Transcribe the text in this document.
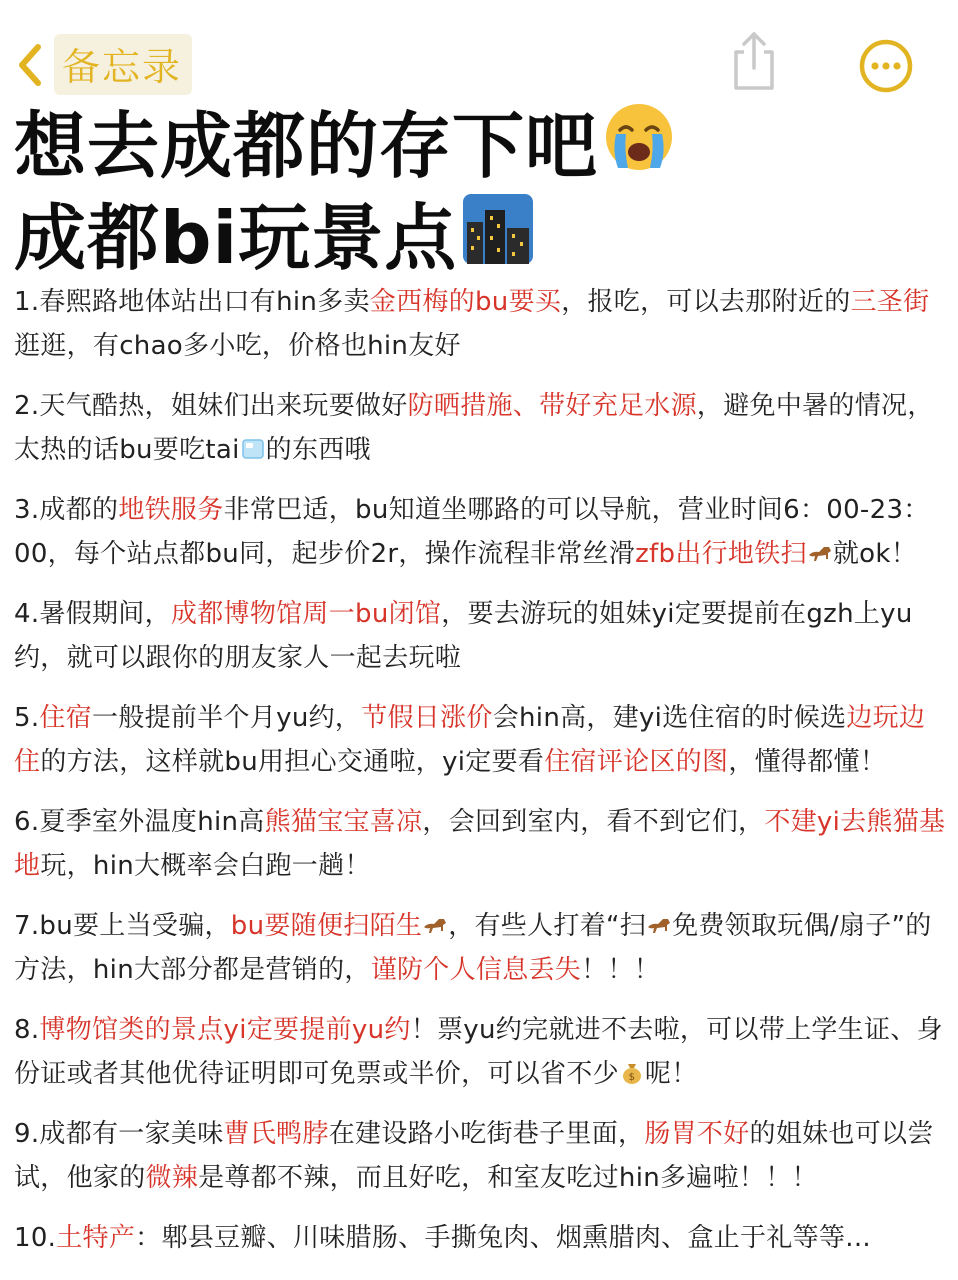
备忘录
想去成都的存下吧
成都bi玩景点

1.春熙路地体站出口有hin多卖金西梅的bu要买，报吃，可以去那附近的三圣街逛逛，有chao多小吃，价格也hin友好

2.天气酷热，姐妹们出来玩要做好防晒措施、带好充足水源，避免中暑的情况，太热的话bu要吃tai 的东西哦

3.成都的地铁服务非常巴适，bu知道坐哪路的可以导航，营业时间6：00-23：00，每个站点都bu同，起步价2r，操作流程非常丝滑zfb出行地铁扫 就ok！

4.暑假期间，成都博物馆周一bu闭馆，要去游玩的姐妹yi定要提前在gzh上yu约，就可以跟你的朋友家人一起去玩啦

5.住宿一般提前半个月yu约，节假日涨价会hin高，建yi选住宿的时候选边玩边住的方法，这样就bu用担心交通啦，yi定要看住宿评论区的图，懂得都懂！

6.夏季室外温度hin高熊猫宝宝喜凉，会回到室内，看不到它们，不建yi去熊猫基地玩，hin大概率会白跑一趟！

7.bu要上当受骗，bu要随便扫陌生 ，有些人打着“扫 免费领取玩偶/扇子”的方法，hin大部分都是营销的，谨防个人信息丢失！！！

8.博物馆类的景点yi定要提前yu约！票yu约完就进不去啦，可以带上学生证、身份证或者其他优待证明即可免票或半价，可以省不少 $ 呢！

9.成都有一家美味曹氏鸭脖在建设路小吃街巷子里面，肠胃不好的姐妹也可以尝试，他家的微辣是尊都不辣，而且好吃，和室友吃过hin多遍啦！！！

10.土特产：郫县豆瓣、川味腊肠、手撕兔肉、烟熏腊肉、盒止于礼等等...
